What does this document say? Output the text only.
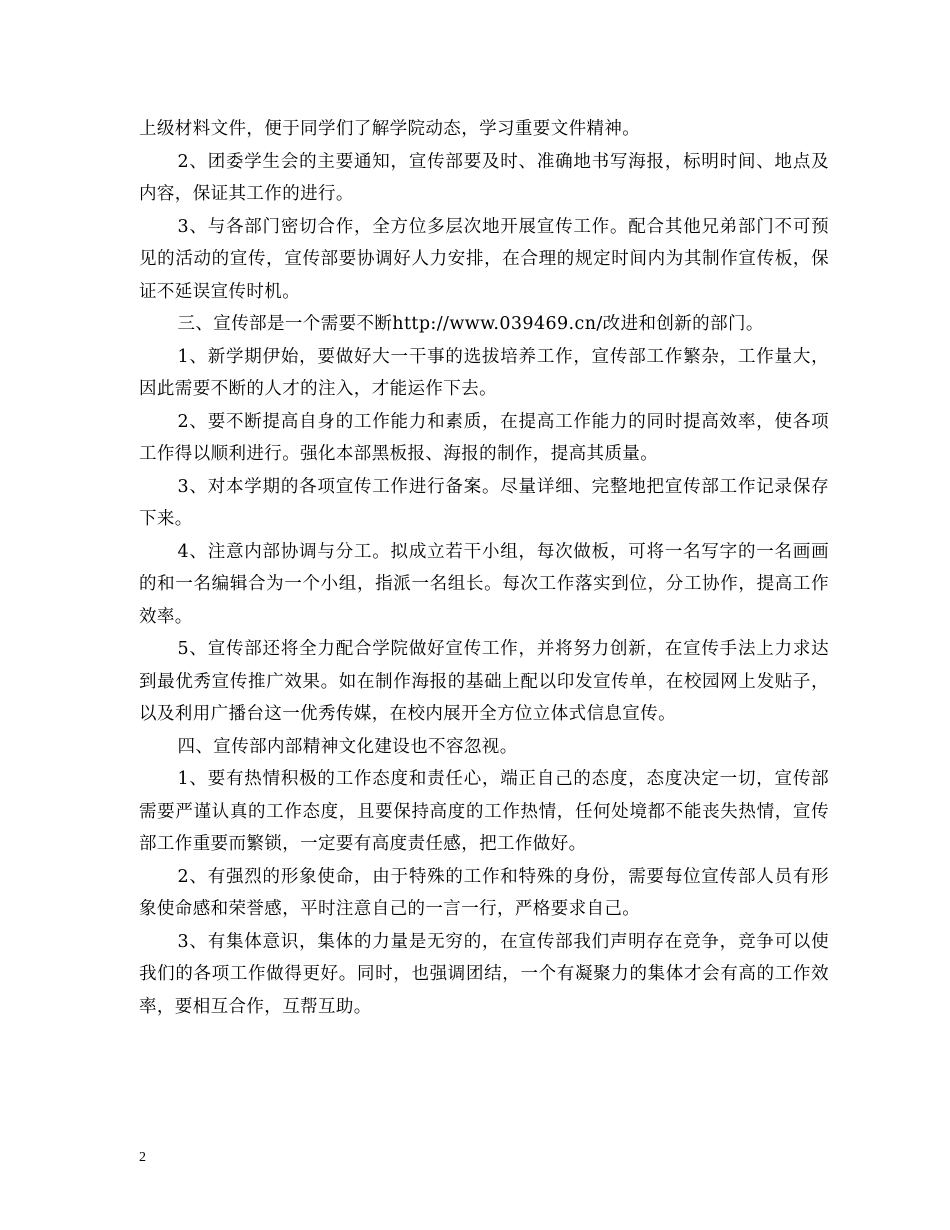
上级材料文件，便于同学们了解学院动态，学习重要文件精神。

2、团委学生会的主要通知，宣传部要及时、准确地书写海报，标明时间、地点及内容，保证其工作的进行。

3、与各部门密切合作，全方位多层次地开展宣传工作。配合其他兄弟部门不可预见的活动的宣传，宣传部要协调好人力安排，在合理的规定时间内为其制作宣传板，保证不延误宣传时机。

三、宣传部是一个需要不断http://www.039469.cn/改进和创新的部门。

1、新学期伊始，要做好大一干事的选拔培养工作，宣传部工作繁杂，工作量大，因此需要不断的人才的注入，才能运作下去。

2、要不断提高自身的工作能力和素质，在提高工作能力的同时提高效率，使各项工作得以顺利进行。强化本部黑板报、海报的制作，提高其质量。

3、对本学期的各项宣传工作进行备案。尽量详细、完整地把宣传部工作记录保存下来。

4、注意内部协调与分工。拟成立若干小组，每次做板，可将一名写字的一名画画的和一名编辑合为一个小组，指派一名组长。每次工作落实到位，分工协作，提高工作效率。

5、宣传部还将全力配合学院做好宣传工作，并将努力创新，在宣传手法上力求达到最优秀宣传推广效果。如在制作海报的基础上配以印发宣传单，在校园网上发贴子，以及利用广播台这一优秀传媒，在校内展开全方位立体式信息宣传。

四、宣传部内部精神文化建设也不容忽视。

1、要有热情积极的工作态度和责任心，端正自己的态度，态度决定一切，宣传部需要严谨认真的工作态度，且要保持高度的工作热情，任何处境都不能丧失热情，宣传部工作重要而繁锁，一定要有高度责任感，把工作做好。

2、有强烈的形象使命，由于特殊的工作和特殊的身份，需要每位宣传部人员有形象使命感和荣誉感，平时注意自己的一言一行，严格要求自己。

3、有集体意识，集体的力量是无穷的，在宣传部我们声明存在竞争，竞争可以使我们的各项工作做得更好。同时，也强调团结，一个有凝聚力的集体才会有高的工作效率，要相互合作，互帮互助。

2
